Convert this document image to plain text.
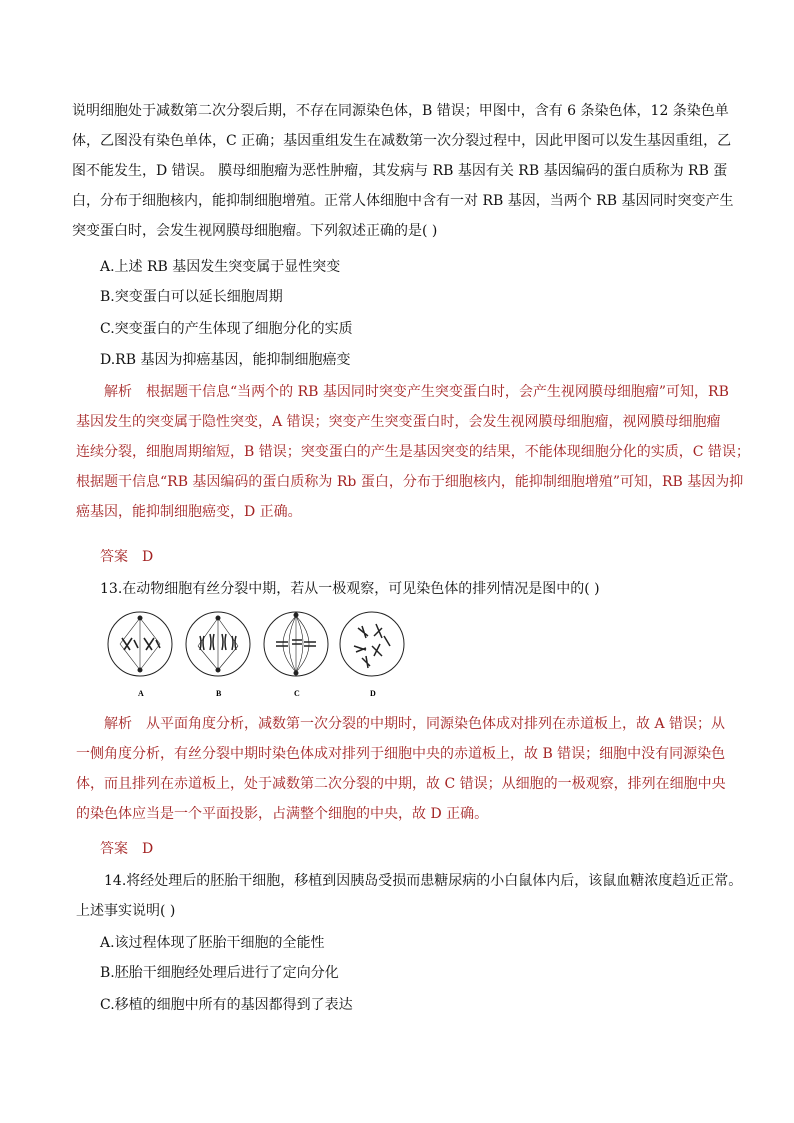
说明细胞处于减数第二次分裂后期，不存在同源染色体，B 错误；甲图中，含有 6 条染色体，12 条染色单
体，乙图没有染色单体，C 正确；基因重组发生在减数第一次分裂过程中，因此甲图可以发生基因重组，乙
图不能发生，D 错误。 膜母细胞瘤为恶性肿瘤，其发病与 RB 基因有关 RB 基因编码的蛋白质称为 RB 蛋
白，分布于细胞核内，能抑制细胞增殖。正常人体细胞中含有一对 RB 基因，当两个 RB 基因同时突变产生
突变蛋白时，会发生视网膜母细胞瘤。下列叙述正确的是( )
A.上述 RB 基因发生突变属于显性突变
B.突变蛋白可以延长细胞周期
C.突变蛋白的产生体现了细胞分化的实质
D.RB 基因为抑癌基因，能抑制细胞癌变
解析　根据题干信息“当两个的 RB 基因同时突变产生突变蛋白时，会产生视网膜母细胞瘤”可知，RB
基因发生的突变属于隐性突变，A 错误；突变产生突变蛋白时，会发生视网膜母细胞瘤，视网膜母细胞瘤
连续分裂，细胞周期缩短，B 错误；突变蛋白的产生是基因突变的结果，不能体现细胞分化的实质，C 错误；
根据题干信息“RB 基因编码的蛋白质称为 Rb 蛋白，分布于细胞核内，能抑制细胞增殖”可知，RB 基因为抑
癌基因，能抑制细胞癌变，D 正确。
答案 D
13.在动物细胞有丝分裂中期，若从一极观察，可见染色体的排列情况是图中的( )
A	B	C	D
解析　从平面角度分析，减数第一次分裂的中期时，同源染色体成对排列在赤道板上，故 A 错误；从
一侧角度分析，有丝分裂中期时染色体成对排列于细胞中央的赤道板上，故 B 错误；细胞中没有同源染色
体，而且排列在赤道板上，处于减数第二次分裂的中期，故 C 错误；从细胞的一极观察，排列在细胞中央
的染色体应当是一个平面投影，占满整个细胞的中央，故 D 正确。
答案 D
14.将经处理后的胚胎干细胞，移植到因胰岛受损而患糖尿病的小白鼠体内后，该鼠血糖浓度趋近正常。
上述事实说明( )
A.该过程体现了胚胎干细胞的全能性
B.胚胎干细胞经处理后进行了定向分化
C.移植的细胞中所有的基因都得到了表达
